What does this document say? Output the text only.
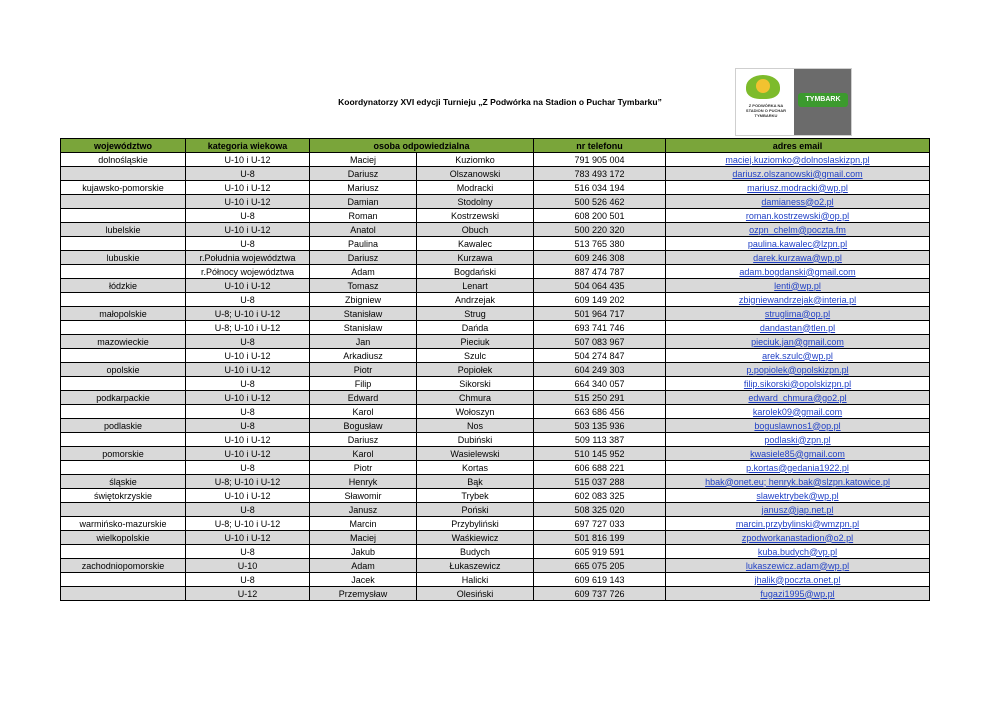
Koordynatorzy XVI edycji Turnieju „Z Podwórka na Stadion o Puchar Tymbarku”	Z PODWÓRKA NA STADION O PUCHAR TYMBARKU
TYMBARK
województwo	kategoria wiekowa	osoba odpowiedzialna		nr telefonu	adres email
dolnośląskie	U-10 i U-12	Maciej	Kuziomko	791 905 004	maciej.kuziomko@dolnoslaskizpn.pl
	U-8	Dariusz	Olszanowski	783 493 172	dariusz.olszanowski@gmail.com
kujawsko-pomorskie	U-10 i U-12	Mariusz	Modracki	516 034 194	mariusz.modracki@wp.pl
	U-10 i U-12	Damian	Stodolny	500 526 462	damianess@o2.pl
	U-8	Roman	Kostrzewski	608 200 501	roman.kostrzewski@op.pl
lubelskie	U-10 i U-12	Anatol	Obuch	500 220 320	ozpn_chelm@poczta.fm
	U-8	Paulina	Kawalec	513 765 380	paulina.kawalec@lzpn.pl
lubuskie	r.Południa województwa	Dariusz	Kurzawa	609 246 308	darek.kurzawa@wp.pl
	r.Północy województwa	Adam	Bogdański	887 474 787	adam.bogdanski@gmail.com
łódzkie	U-10 i U-12	Tomasz	Lenart	504 064 435	lenti@wp.pl
	U-8	Zbigniew	Andrzejak	609 149 202	zbigniewandrzejak@interia.pl
małopolskie	U-8; U-10 i U-12	Stanisław	Strug	501 964 717	struglima@op.pl
	U-8; U-10 i U-12	Stanisław	Dańda	693 741 746	dandastan@tlen.pl
mazowieckie	U-8	Jan	Pieciuk	507 083 967	pieciuk.jan@gmail.com
	U-10 i U-12	Arkadiusz	Szulc	504 274 847	arek.szulc@wp.pl
opolskie	U-10 i U-12	Piotr	Popiołek	604 249 303	p.popiolek@opolskizpn.pl
	U-8	Filip	Sikorski	664 340 057	filip.sikorski@opolskizpn.pl
podkarpackie	U-10 i U-12	Edward	Chmura	515 250 291	edward_chmura@go2.pl
	U-8	Karol	Wołoszyn	663 686 456	karolek09@gmail.com
podlaskie	U-8	Bogusław	Nos	503 135 936	boguslawnos1@op.pl
	U-10 i U-12	Dariusz	Dubiński	509 113 387	podlaski@zpn.pl
pomorskie	U-10 i U-12	Karol	Wasielewski	510 145 952	kwasiele85@gmail.com
	U-8	Piotr	Kortas	606 688 221	p.kortas@gedania1922.pl
śląskie	U-8; U-10 i U-12	Henryk	Bąk	515 037 288	hbak@onet.eu; henryk.bak@slzpn.katowice.pl
świętokrzyskie	U-10 i U-12	Sławomir	Trybek	602 083 325	slawektrybek@wp.pl
	U-8	Janusz	Poński	508 325 020	janusz@jap.net.pl
warmińsko-mazurskie	U-8; U-10 i U-12	Marcin	Przybyliński	697 727 033	marcin.przybylinski@wmzpn.pl
wielkopolskie	U-10 i U-12	Maciej	Waśkiewicz	501 816 199	zpodworkanastadion@o2.pl
	U-8	Jakub	Budych	605 919 591	kuba.budych@vp.pl
zachodniopomorskie	U-10	Adam	Łukaszewicz	665 075 205	lukaszewicz.adam@wp.pl
	U-8	Jacek	Halicki	609 619 143	jhalik@poczta.onet.pl
	U-12	Przemysław	Olesiński	609 737 726	fugazi1995@wp.pl
